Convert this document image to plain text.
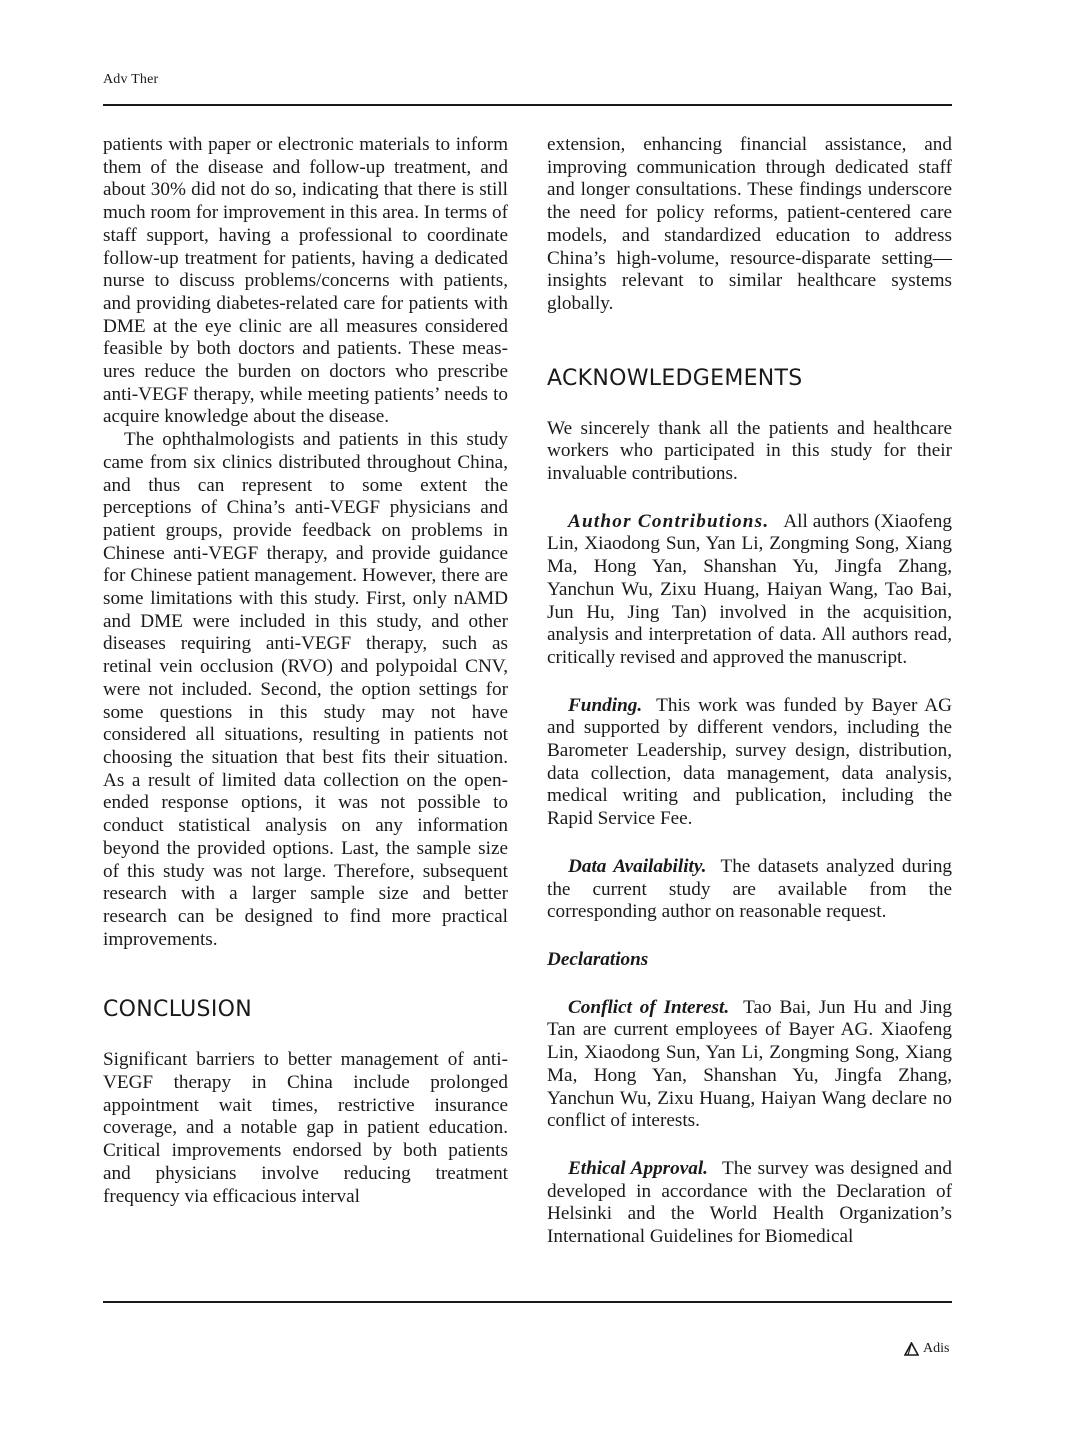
Adv Ther

patients with paper or electronic materials to inform them of the disease and follow-up treatment, and about 30% did not do so, indicating that there is still much room for improvement in this area. In terms of staff support, having a professional to coordinate follow-up treatment for patients, having a dedicated nurse to discuss problems/concerns with patients, and providing diabetes-related care for patients with DME at the eye clinic are all measures considered feasible by both doctors and patients. These measures reduce the burden on doctors who prescribe anti-VEGF therapy, while meeting patients’ needs to acquire knowledge about the disease.

The ophthalmologists and patients in this study came from six clinics distributed throughout China, and thus can represent to some extent the perceptions of China’s anti-VEGF physicians and patient groups, provide feedback on problems in Chinese anti-VEGF therapy, and provide guidance for Chinese patient management. However, there are some limitations with this study. First, only nAMD and DME were included in this study, and other diseases requiring anti-VEGF therapy, such as retinal vein occlusion (RVO) and polypoidal CNV, were not included. Second, the option settings for some questions in this study may not have considered all situations, resulting in patients not choosing the situation that best fits their situation. As a result of limited data collection on the open-ended response options, it was not possible to conduct statistical analysis on any information beyond the provided options. Last, the sample size of this study was not large. Therefore, subsequent research with a larger sample size and better research can be designed to find more practical improvements.

CONCLUSION

Significant barriers to better management of anti-VEGF therapy in China include prolonged appointment wait times, restrictive insurance coverage, and a notable gap in patient education. Critical improvements endorsed by both patients and physicians involve reducing treatment frequency via efficacious interval

extension, enhancing financial assistance, and improving communication through dedicated staff and longer consultations. These findings underscore the need for policy reforms, patient-centered care models, and standardized education to address China’s high-volume, resource-disparate setting—insights relevant to similar healthcare systems globally.

ACKNOWLEDGEMENTS

We sincerely thank all the patients and healthcare workers who participated in this study for their invaluable contributions.

Author Contributions. All authors (Xiaofeng Lin, Xiaodong Sun, Yan Li, Zongming Song, Xiang Ma, Hong Yan, Shanshan Yu, Jingfa Zhang, Yanchun Wu, Zixu Huang, Haiyan Wang, Tao Bai, Jun Hu, Jing Tan) involved in the acquisition, analysis and interpretation of data. All authors read, critically revised and approved the manuscript.

Funding. This work was funded by Bayer AG and supported by different vendors, including the Barometer Leadership, survey design, distribution, data collection, data management, data analysis, medical writing and publication, including the Rapid Service Fee.

Data Availability. The datasets analyzed during the current study are available from the corresponding author on reasonable request.

Declarations

Conflict of Interest. Tao Bai, Jun Hu and Jing Tan are current employees of Bayer AG. Xiaofeng Lin, Xiaodong Sun, Yan Li, Zongming Song, Xiang Ma, Hong Yan, Shanshan Yu, Jingfa Zhang, Yanchun Wu, Zixu Huang, Haiyan Wang declare no conflict of interests.

Ethical Approval. The survey was designed and developed in accordance with the Declaration of Helsinki and the World Health Organization’s International Guidelines for Biomedical

Adis
